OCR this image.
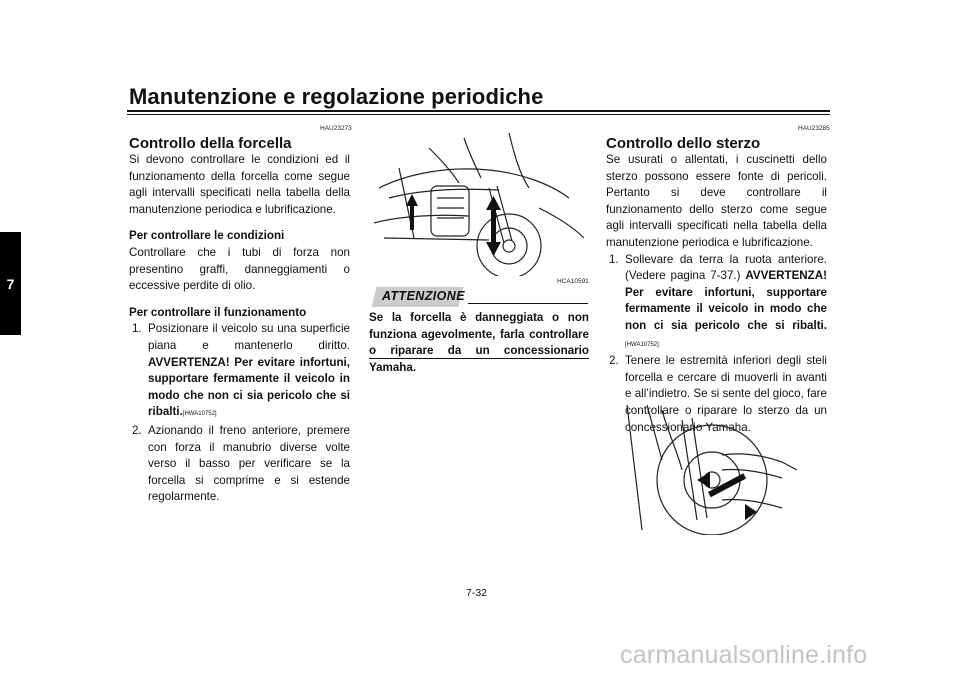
Manutenzione e regolazione periodiche
7
HAU23273
Controllo della forcella

Si devono controllare le condizioni ed il funzionamento della forcella come segue agli intervalli specificati nella tabella della manutenzione periodica e lubrificazione.

Per controllare le condizioni

Controllare che i tubi di forza non presentino graffi, danneggiamenti o eccessive perdite di olio.

Per controllare il funzionamento
1. Posizionare il veicolo su una superficie piana e mantenerlo diritto. AVVERTENZA! Per evitare infortuni, supportare fermamente il veicolo in modo che non ci sia pericolo che si ribalti.[HWA10752]
2. Azionando il freno anteriore, premere con forza il manubrio diverse volte verso il basso per verificare se la forcella si comprime e si estende regolarmente.
HCA10591
ATTENZIONE
Se la forcella è danneggiata o non funziona agevolmente, farla controllare o riparare da un concessionario Yamaha.
HAU23285
Controllo dello sterzo

Se usurati o allentati, i cuscinetti dello sterzo possono essere fonte di pericoli. Pertanto si deve controllare il funzionamento dello sterzo come segue agli intervalli specificati nella tabella della manutenzione periodica e lubrificazione.

1. Sollevare da terra la ruota anteriore. (Vedere pagina 7-37.) AVVERTENZA! Per evitare infortuni, supportare fermamente il veicolo in modo che non ci sia pericolo che si ribalti.[HWA10752]
2. Tenere le estremità inferiori degli steli forcella e cercare di muoverli in avanti e all’indietro. Se si sente del gioco, fare controllare o riparare lo sterzo da un concessionario Yamaha.
7-32
carmanualsonline.info
